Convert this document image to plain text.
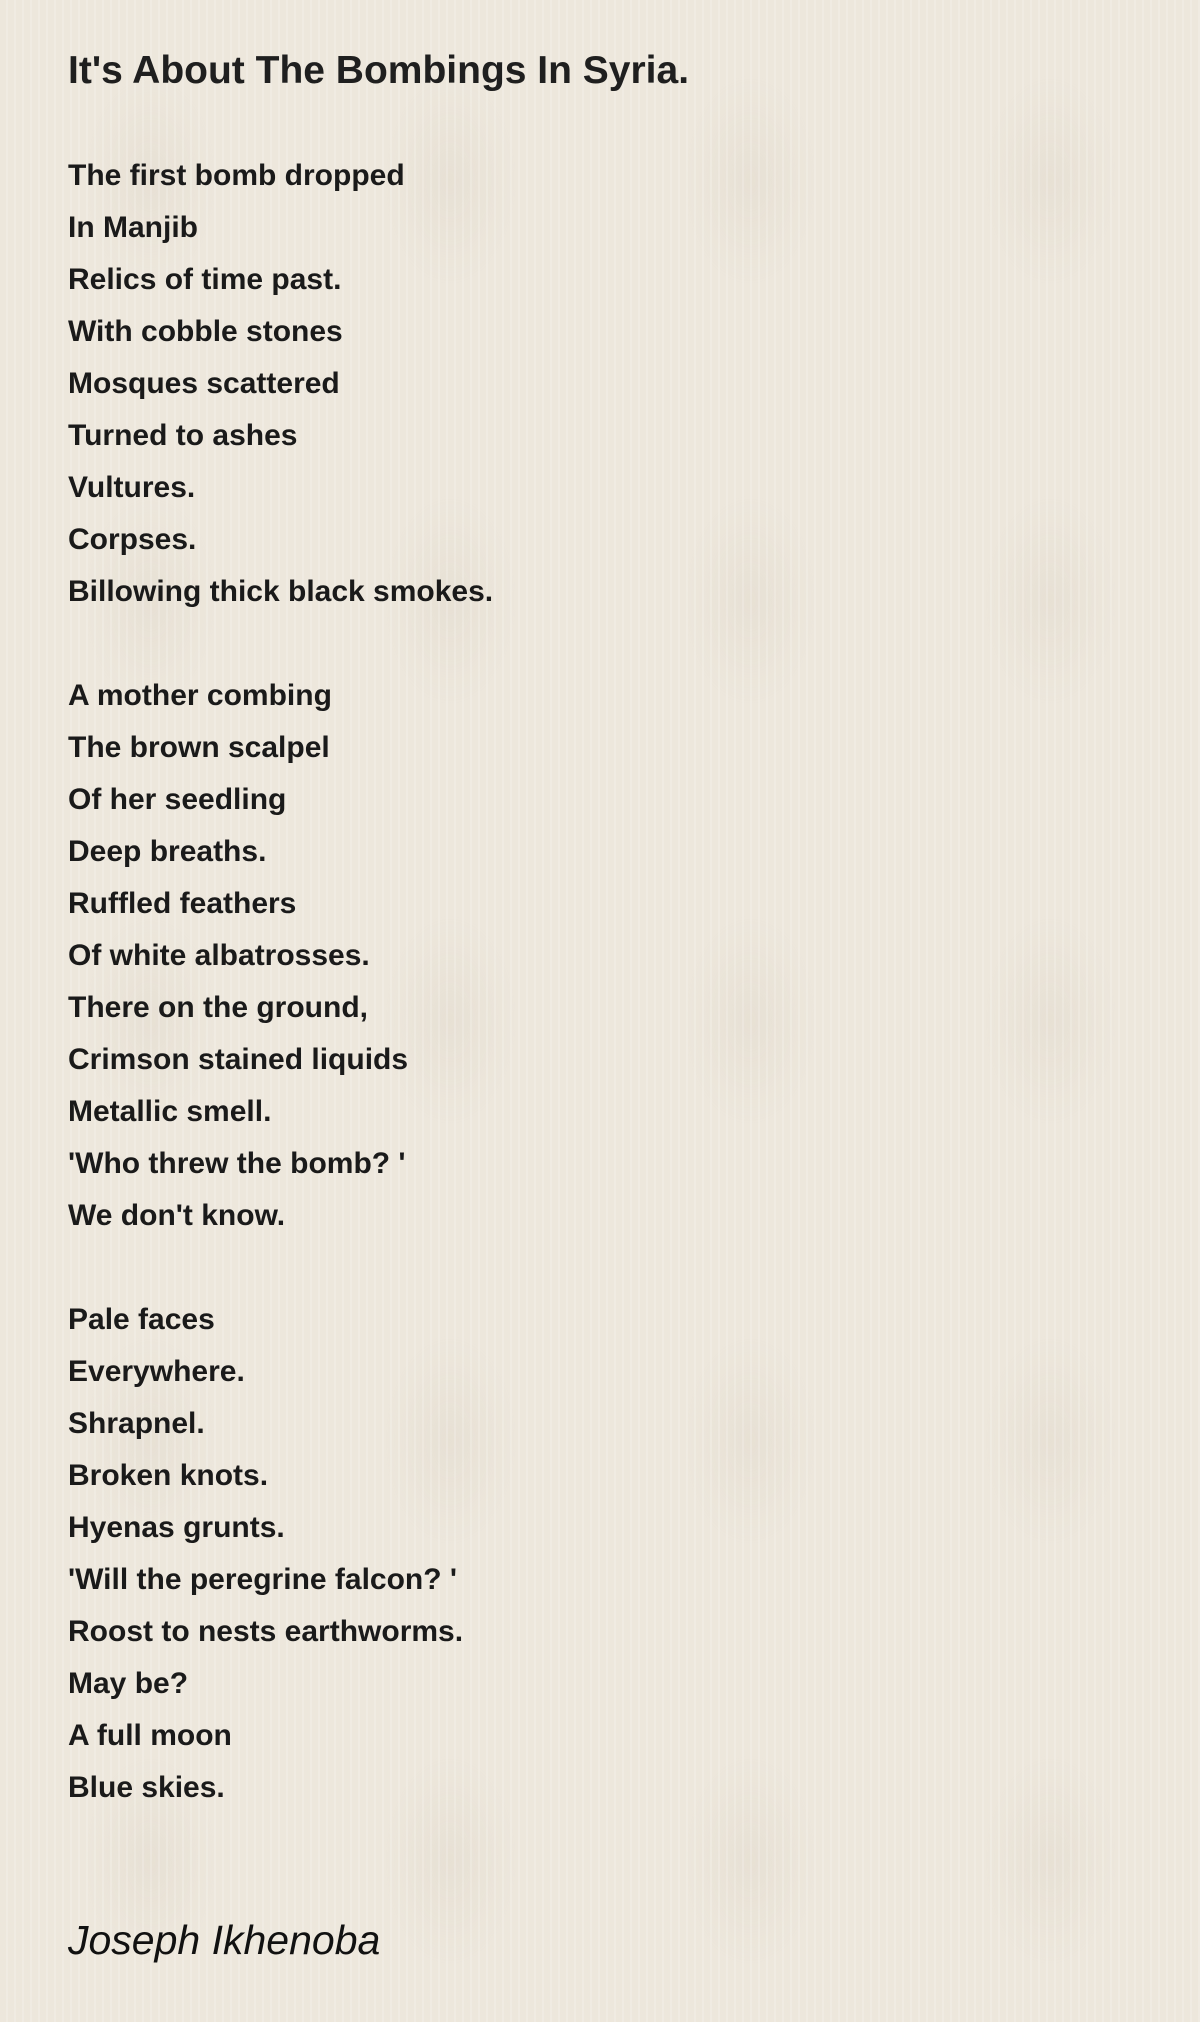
It's About The Bombings In Syria.
The first bomb dropped
In Manjib
Relics of time past.
With cobble stones
Mosques scattered
Turned to ashes
Vultures.
Corpses.
Billowing thick black smokes.
A mother combing
The brown scalpel
Of her seedling
Deep breaths.
Ruffled feathers
Of white albatrosses.
There on the ground,
Crimson stained liquids
Metallic smell.
'Who threw the bomb? '
We don't know.
Pale faces
Everywhere.
Shrapnel.
Broken knots.
Hyenas grunts.
'Will the peregrine falcon? '
Roost to nests earthworms.
May be?
A full moon
Blue skies.
Joseph Ikhenoba
